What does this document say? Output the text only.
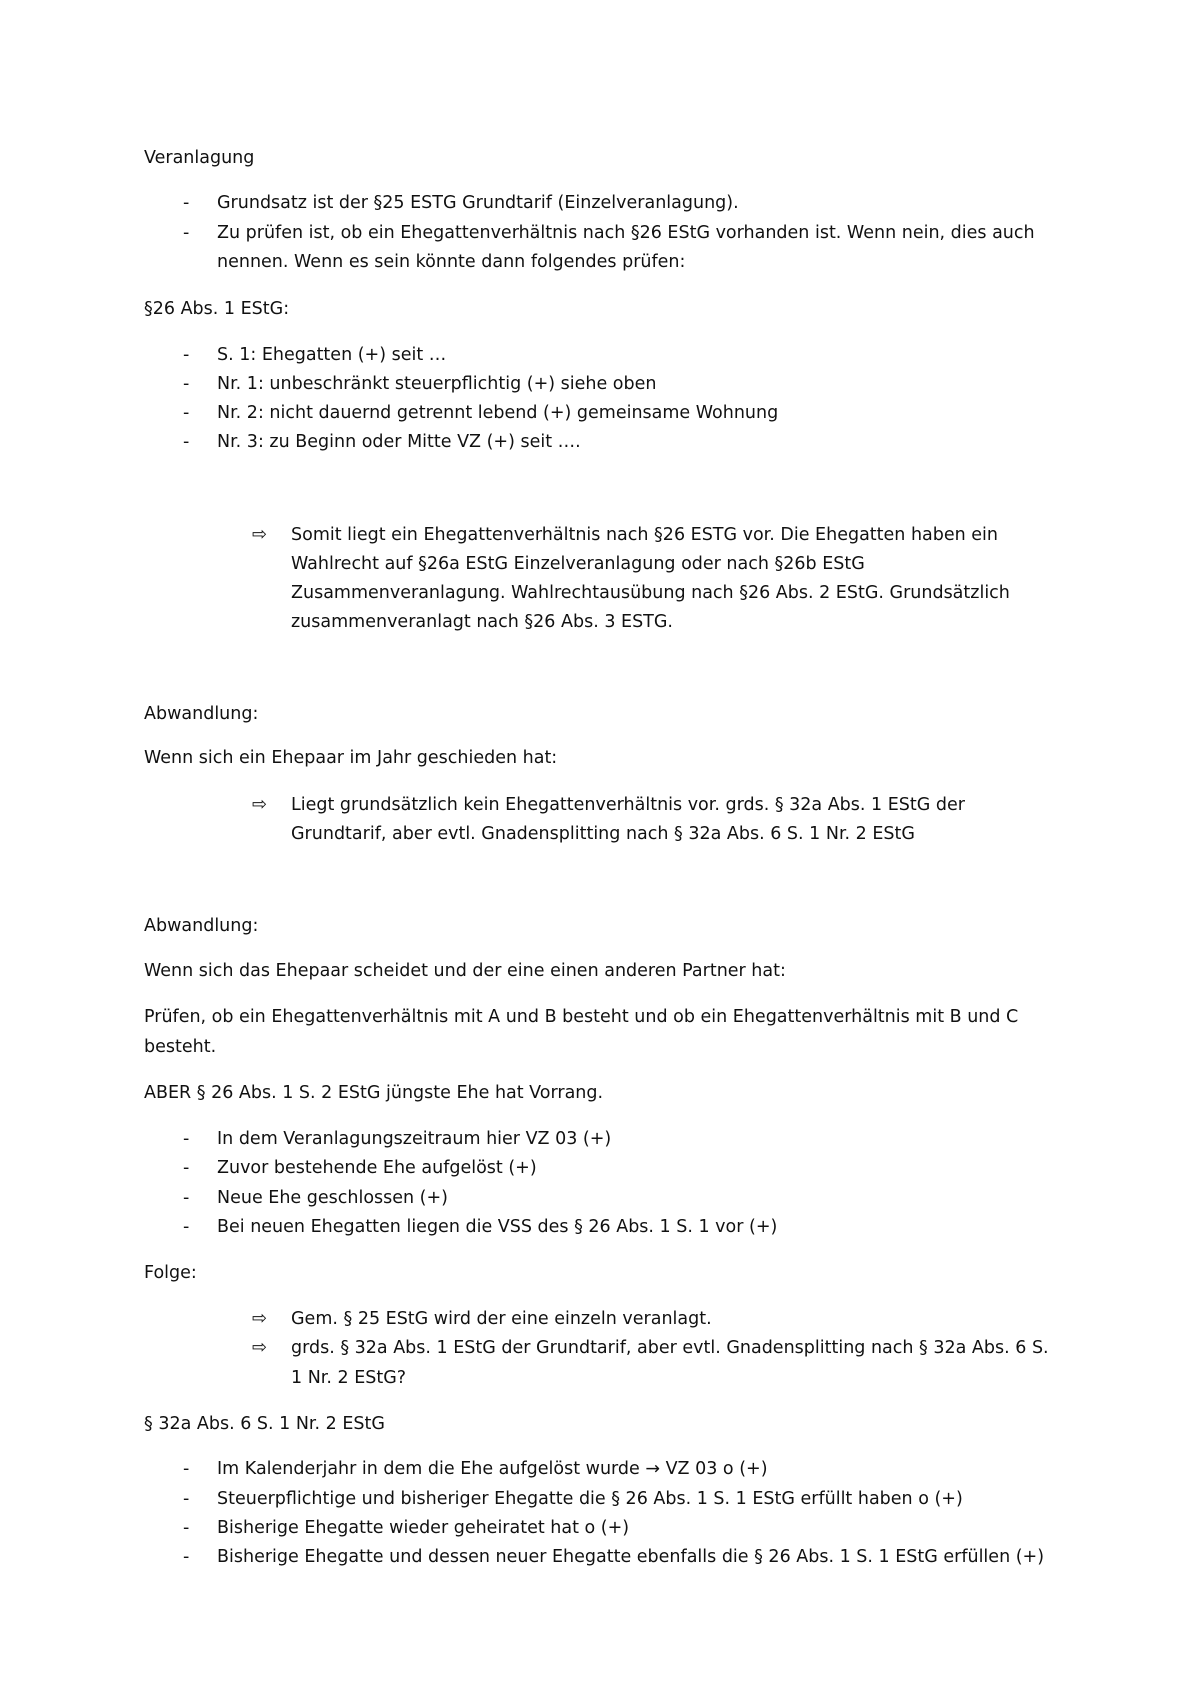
Veranlagung

- Grundsatz ist der §25 ESTG Grundtarif (Einzelveranlagung).

- Zu prüfen ist, ob ein Ehegattenverhältnis nach §26 EStG vorhanden ist. Wenn nein, dies auch

nennen. Wenn es sein könnte dann folgendes prüfen:

§26 Abs. 1 EStG:

- S. 1: Ehegatten (+) seit …

- Nr. 1: unbeschränkt steuerpflichtig (+) siehe oben

- Nr. 2: nicht dauernd getrennt lebend (+) gemeinsame Wohnung

- Nr. 3: zu Beginn oder Mitte VZ (+) seit ….

⇨ Somit liegt ein Ehegattenverhältnis nach §26 ESTG vor. Die Ehegatten haben ein

Wahlrecht auf §26a EStG Einzelveranlagung oder nach §26b EStG

Zusammenveranlagung. Wahlrechtausübung nach §26 Abs. 2 EStG. Grundsätzlich

zusammenveranlagt nach §26 Abs. 3 ESTG.

Abwandlung:

Wenn sich ein Ehepaar im Jahr geschieden hat:

⇨ Liegt grundsätzlich kein Ehegattenverhältnis vor. grds. § 32a Abs. 1 EStG der

Grundtarif, aber evtl. Gnadensplitting nach § 32a Abs. 6 S. 1 Nr. 2 EStG

Abwandlung:

Wenn sich das Ehepaar scheidet und der eine einen anderen Partner hat:

Prüfen, ob ein Ehegattenverhältnis mit A und B besteht und ob ein Ehegattenverhältnis mit B und C

besteht.

ABER § 26 Abs. 1 S. 2 EStG jüngste Ehe hat Vorrang.

- In dem Veranlagungszeitraum hier VZ 03 (+)

- Zuvor bestehende Ehe aufgelöst (+)

- Neue Ehe geschlossen (+)

- Bei neuen Ehegatten liegen die VSS des § 26 Abs. 1 S. 1 vor (+)

Folge:

⇨ Gem. § 25 EStG wird der eine einzeln veranlagt.

⇨ grds. § 32a Abs. 1 EStG der Grundtarif, aber evtl. Gnadensplitting nach § 32a Abs. 6 S.

1 Nr. 2 EStG?

§ 32a Abs. 6 S. 1 Nr. 2 EStG

- Im Kalenderjahr in dem die Ehe aufgelöst wurde → VZ 03 o (+)

- Steuerpflichtige und bisheriger Ehegatte die § 26 Abs. 1 S. 1 EStG erfüllt haben o (+)

- Bisherige Ehegatte wieder geheiratet hat o (+)

- Bisherige Ehegatte und dessen neuer Ehegatte ebenfalls die § 26 Abs. 1 S. 1 EStG erfüllen (+)
